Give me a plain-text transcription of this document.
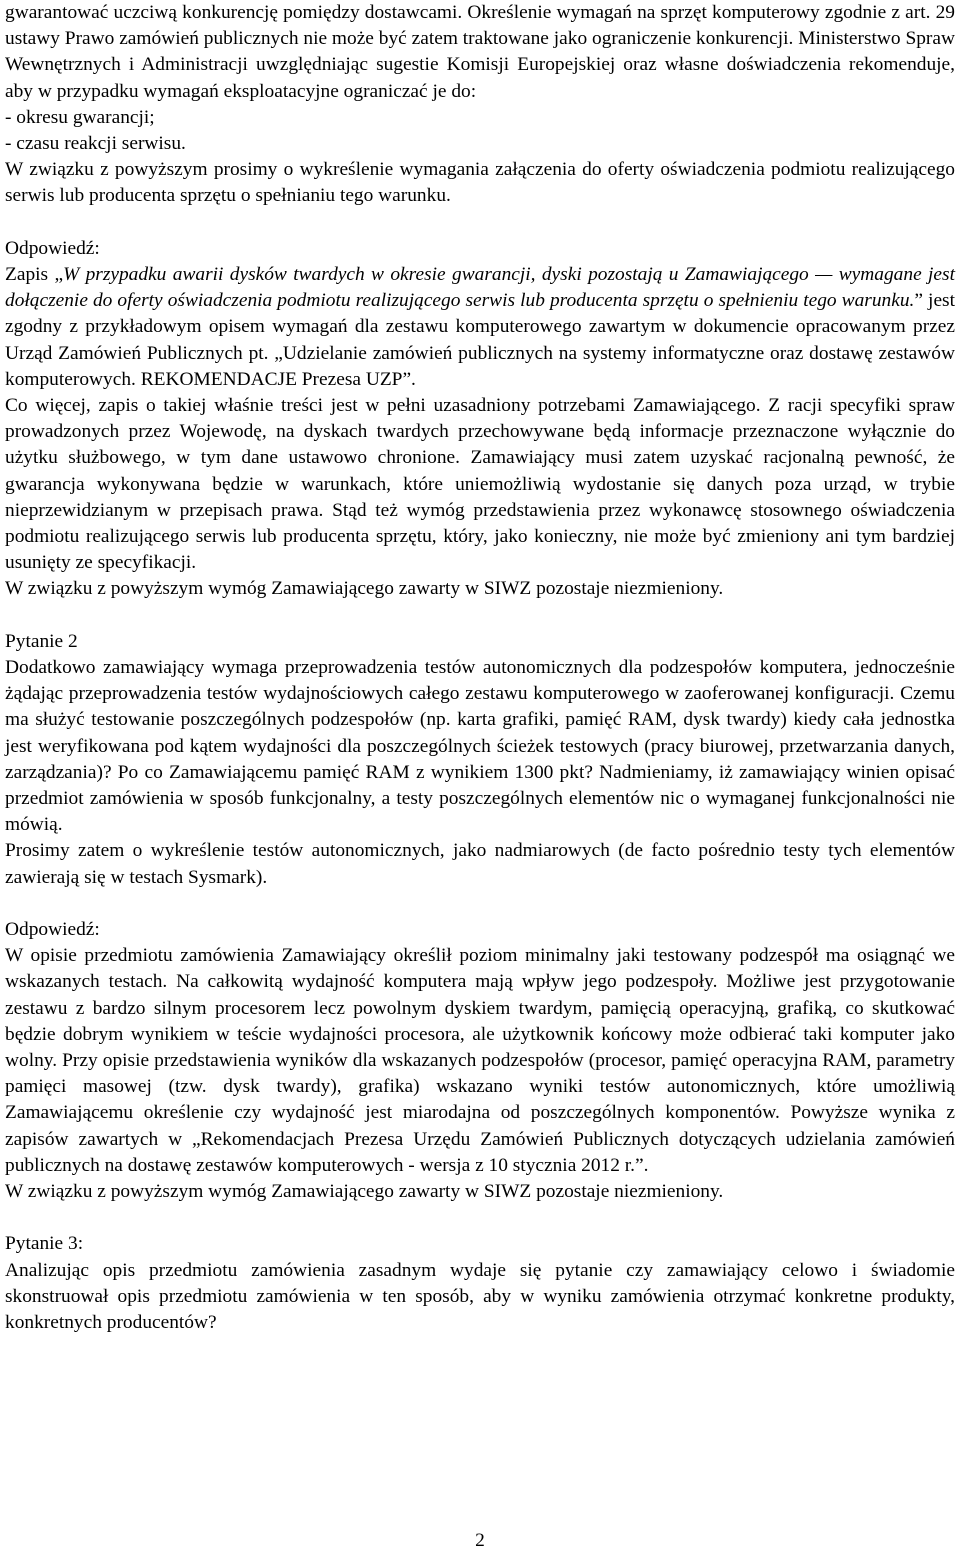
gwarantować uczciwą konkurencję pomiędzy dostawcami. Określenie wymagań na sprzęt komputerowy zgodnie z art. 29 ustawy Prawo zamówień publicznych nie może być zatem traktowane jako ograniczenie konkurencji. Ministerstwo Spraw Wewnętrznych i Administracji uwzględniając sugestie Komisji Europejskiej oraz własne doświadczenia rekomenduje, aby w przypadku wymagań eksploatacyjne ograniczać je do:

- okresu gwarancji;

- czasu reakcji serwisu.

W związku z powyższym prosimy o wykreślenie wymagania załączenia do oferty oświadczenia podmiotu realizującego serwis lub producenta sprzętu o spełnianiu tego warunku.

Odpowiedź:

Zapis „W przypadku awarii dysków twardych w okresie gwarancji, dyski pozostają u Zamawiającego — wymagane jest dołączenie do oferty oświadczenia podmiotu realizującego serwis lub producenta sprzętu o spełnieniu tego warunku.” jest zgodny z przykładowym opisem wymagań dla zestawu komputerowego zawartym w dokumencie opracowanym przez Urząd Zamówień Publicznych pt. „Udzielanie zamówień publicznych na systemy informatyczne oraz dostawę zestawów komputerowych. REKOMENDACJE Prezesa UZP”.

Co więcej, zapis o takiej właśnie treści jest w pełni uzasadniony potrzebami Zamawiającego. Z racji specyfiki spraw prowadzonych przez Wojewodę, na dyskach twardych przechowywane będą informacje przeznaczone wyłącznie do użytku służbowego, w tym dane ustawowo chronione. Zamawiający musi zatem uzyskać racjonalną pewność, że gwarancja wykonywana będzie w warunkach, które uniemożliwią wydostanie się danych poza urząd, w trybie nieprzewidzianym w przepisach prawa. Stąd też wymóg przedstawienia przez wykonawcę stosownego oświadczenia podmiotu realizującego serwis lub producenta sprzętu, który, jako konieczny, nie może być zmieniony ani tym bardziej usunięty ze specyfikacji.

W związku z powyższym wymóg Zamawiającego zawarty w SIWZ pozostaje niezmieniony.

Pytanie 2

Dodatkowo zamawiający wymaga przeprowadzenia testów autonomicznych dla podzespołów komputera, jednocześnie żądając przeprowadzenia testów wydajnościowych całego zestawu komputerowego w zaoferowanej konfiguracji. Czemu ma służyć testowanie poszczególnych podzespołów (np. karta grafiki, pamięć RAM, dysk twardy) kiedy cała jednostka jest weryfikowana pod kątem wydajności dla poszczególnych ścieżek testowych (pracy biurowej, przetwarzania danych, zarządzania)? Po co Zamawiającemu pamięć RAM z wynikiem 1300 pkt? Nadmieniamy, iż zamawiający winien opisać przedmiot zamówienia w sposób funkcjonalny, a testy poszczególnych elementów nic o wymaganej funkcjonalności nie mówią.

Prosimy zatem o wykreślenie testów autonomicznych, jako nadmiarowych (de facto pośrednio testy tych elementów zawierają się w testach Sysmark).

Odpowiedź:

W opisie przedmiotu zamówienia Zamawiający określił poziom minimalny jaki testowany podzespół ma osiągnąć we wskazanych testach. Na całkowitą wydajność komputera mają wpływ jego podzespoły. Możliwe jest przygotowanie zestawu z bardzo silnym procesorem lecz powolnym dyskiem twardym, pamięcią operacyjną, grafiką, co skutkować będzie dobrym wynikiem w teście wydajności procesora, ale użytkownik końcowy może odbierać taki komputer jako wolny. Przy opisie przedstawienia wyników dla wskazanych podzespołów (procesor, pamięć operacyjna RAM, parametry pamięci masowej (tzw. dysk twardy), grafika) wskazano wyniki testów autonomicznych, które umożliwią Zamawiającemu określenie czy wydajność jest miarodajna od poszczególnych komponentów. Powyższe wynika z zapisów zawartych w „Rekomendacjach Prezesa Urzędu Zamówień Publicznych dotyczących udzielania zamówień publicznych na dostawę zestawów komputerowych - wersja z 10 stycznia 2012 r.”.

W związku z powyższym wymóg Zamawiającego zawarty w SIWZ pozostaje niezmieniony.

Pytanie 3:

Analizując opis przedmiotu zamówienia zasadnym wydaje się pytanie czy zamawiający celowo i świadomie skonstruował opis przedmiotu zamówienia w ten sposób, aby w wyniku zamówienia otrzymać konkretne produkty, konkretnych producentów?

2
